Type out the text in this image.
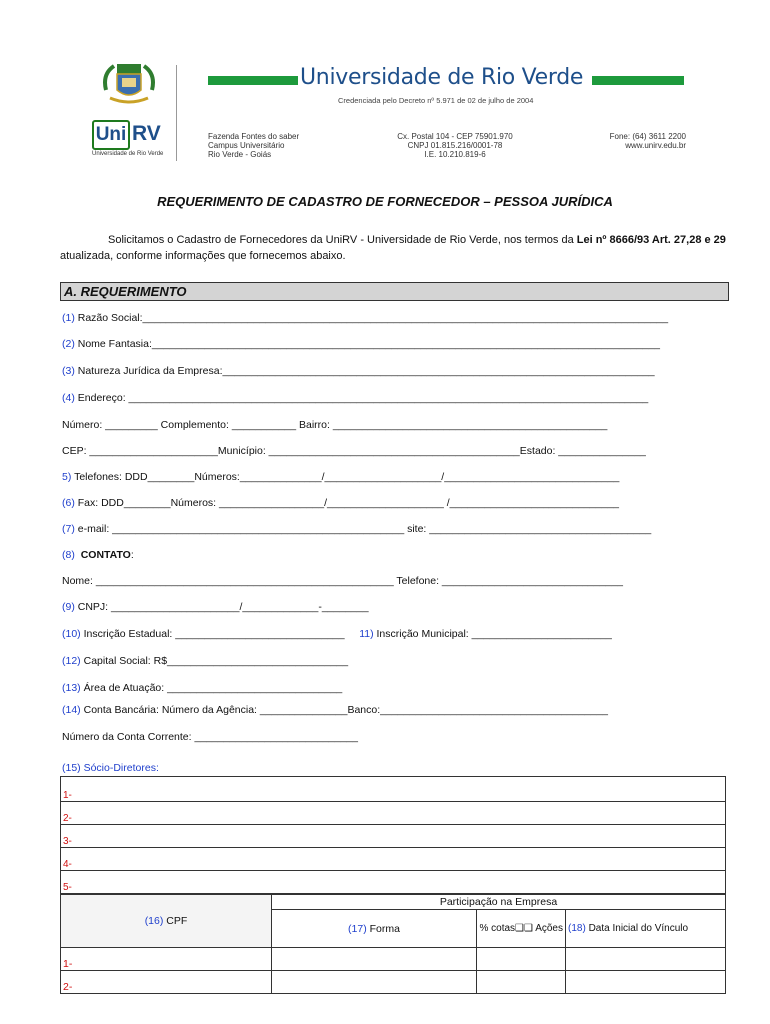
Uni RV
Universidade de Rio Verde
Universidade de Rio Verde
Credenciada pelo Decreto nº 5.971 de 02 de julho de 2004
Fazenda Fontes do saber
Campus Universitário
Rio Verde - Goiás
Cx. Postal 104 - CEP 75901.970
CNPJ 01.815.216/0001-78
I.E. 10.210.819-6
Fone: (64) 3611 2200
www.unirv.edu.br
REQUERIMENTO DE CADASTRO DE FORNECEDOR – PESSOA JURÍDICA
Solicitamos o Cadastro de Fornecedores da UniRV - Universidade de Rio Verde, nos termos da Lei nº 8666/93 Art. 27,28 e 29 atualizada, conforme informações que fornecemos abaixo.
A. REQUERIMENTO
(1) Razão Social:__________________________________________________________________________________________
(2) Nome Fantasia:_______________________________________________________________________________________
(3) Natureza Jurídica da Empresa:__________________________________________________________________________
(4) Endereço: _________________________________________________________________________________________
Número: _________ Complemento: ___________ Bairro: _______________________________________________
CEP: ______________________Município: ___________________________________________Estado: _______________
5) Telefones: DDD________Números:______________/____________________/______________________________
(6) Fax: DDD________Números: __________________/____________________ /_____________________________
(7) e-mail: __________________________________________________ site: ______________________________________
(8) CONTATO:
Nome: ___________________________________________________ Telefone: _______________________________
(9) CNPJ: ______________________/_____________-________
(10) Inscrição Estadual: _____________________________ 11) Inscrição Municipal: ________________________
(12) Capital Social: R$_______________________________
(13) Área de Atuação: ______________________________
(14) Conta Bancária: Número da Agência: _______________Banco:_______________________________________
Número da Conta Corrente: ____________________________
(15) Sócio-Diretores:
1-
2-
3-
4-
5-
(16) CPF	Participação na Empresa		
	(17) Forma	% cotas❑❑ Ações	(18) Data Inicial do Vínculo
1-			
2-			
